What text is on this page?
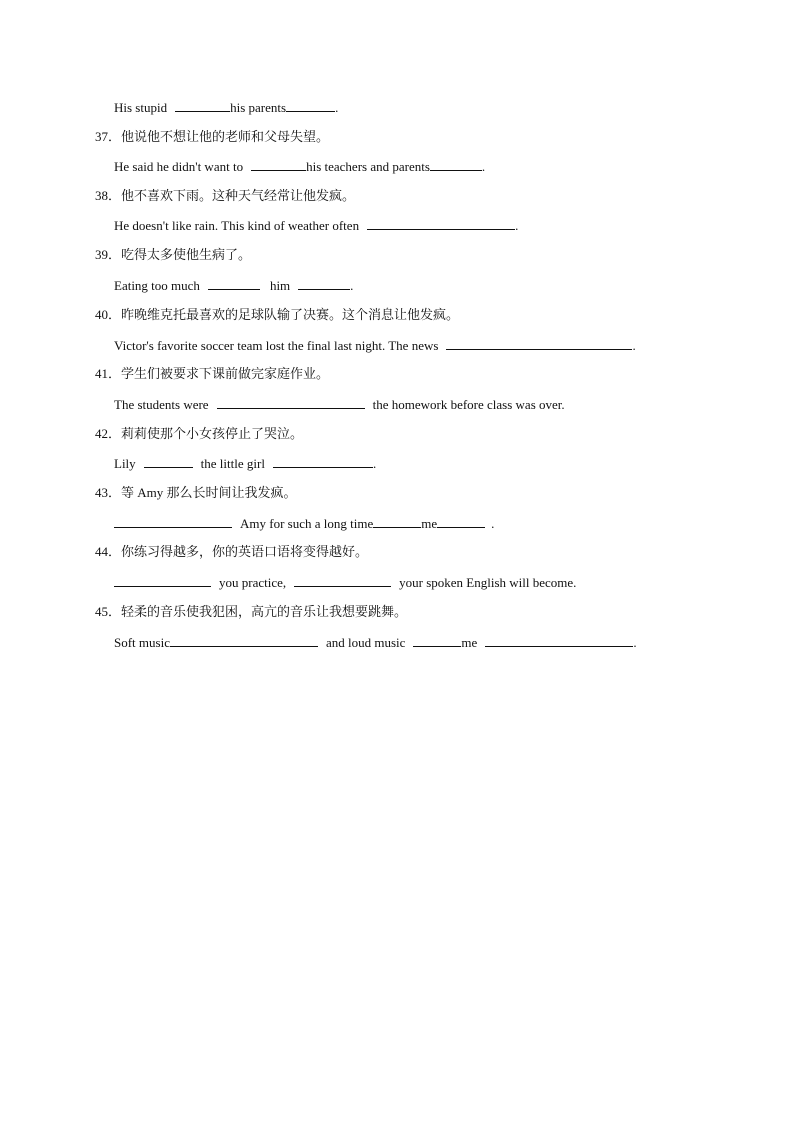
His stupid	his parents	.
37．他说他不想让他的老师和父母失望。
He said he didn't want to	his teachers and parents	.
38．他不喜欢下雨。这种天气经常让他发疯。
He doesn't like rain. This kind of weather often	.
39．吃得太多使他生病了。
Eating too much	him	.
40．昨晚维克托最喜欢的足球队输了决赛。这个消息让他发疯。
Victor's favorite soccer team lost the final last night. The news	.
41．学生们被要求下课前做完家庭作业。
The students were	the homework before class was over.
42．莉莉使那个小女孩停止了哭泣。
Lily	the little girl	.
43．等 Amy 那么长时间让我发疯。
Amy for such a long time	me	.
44．你练习得越多，你的英语口语将变得越好。
you practice,	your spoken English will become.
45．轻柔的音乐使我犯困，高亢的音乐让我想要跳舞。
Soft music	and loud music	me	.
